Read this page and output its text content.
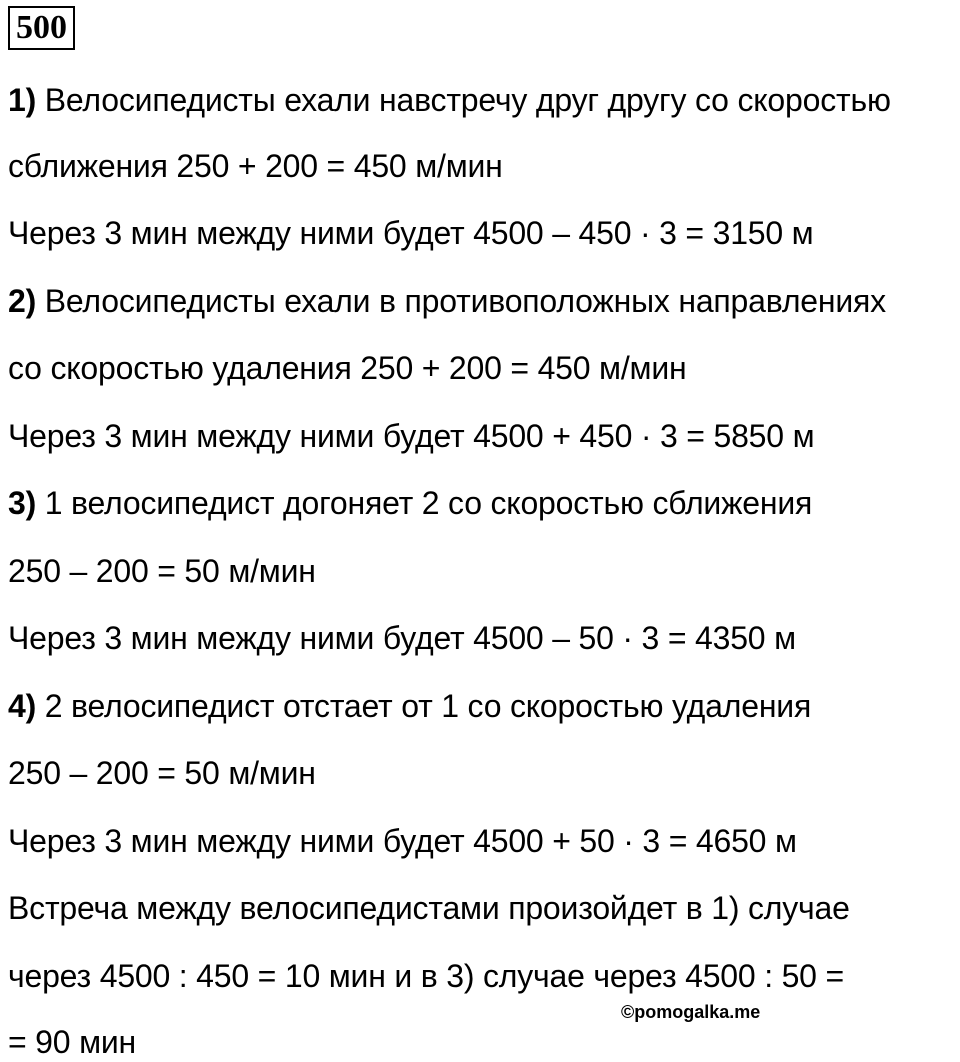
500
1) Велосипедисты ехали навстречу друг другу со скоростью
сближения 250 + 200 = 450 м/мин
Через 3 мин между ними будет 4500 – 450 · 3 = 3150 м
2) Велосипедисты ехали в противоположных направлениях
со скоростью удаления 250 + 200 = 450 м/мин
Через 3 мин между ними будет 4500 + 450 · 3 = 5850 м
3) 1 велосипедист догоняет 2 со скоростью сближения
250 – 200 = 50 м/мин
Через 3 мин между ними будет 4500 – 50 · 3 = 4350 м
4) 2 велосипедист отстает от 1 со скоростью удаления
250 – 200 = 50 м/мин
Через 3 мин между ними будет 4500 + 50 · 3 = 4650 м
Встреча между велосипедистами произойдет в 1) случае
через 4500 : 450 = 10 мин и в 3) случае через 4500 : 50 =
= 90 мин
©pomogalka.me
